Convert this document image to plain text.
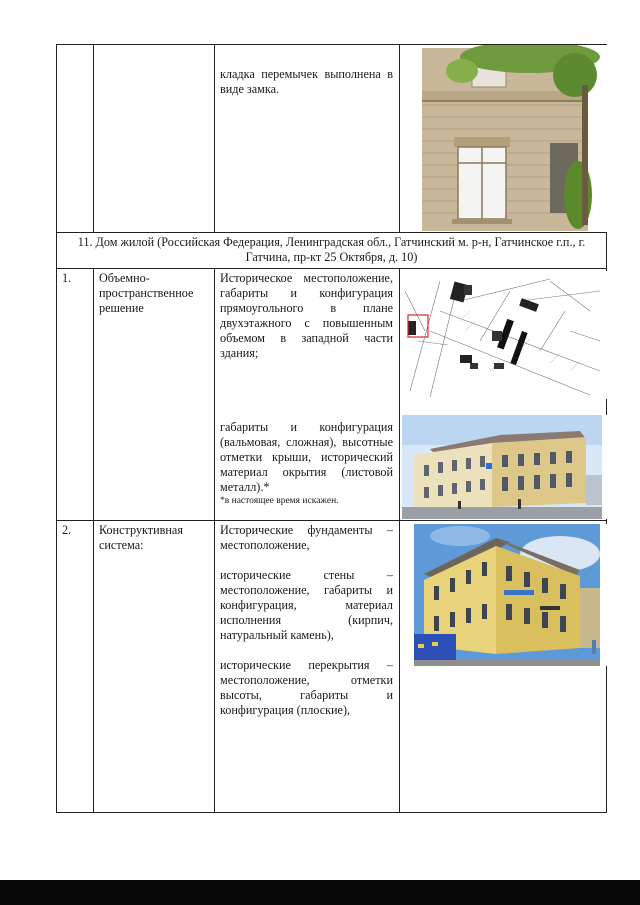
		кладка перемычек выполнена в виде замка.

11. Дом жилой (Российская Федерация, Ленинградская обл., Гатчинский м. р-н, Гатчинское г.п., г. Гатчина, пр-кт 25 Октября, д. 10)			
1.	Объемно-пространственное решение	Историческое местоположение, габариты и конфигурация прямоугольного в плане двухэтажного с повышенным объемом в западной части здания;
габариты и конфигурация (вальмовая, сложная), высотные отметки крыши, исторический материал окрытия (листовой металл).*
*в настоящее время искажен.

2.	Конструктивная система:	Исторические фундаменты – местоположение,
исторические стены – местоположение, габариты и конфигурация, материал исполнения (кирпич, натуральный камень),
исторические перекрытия – местоположение, отметки высоты, габариты и конфигурация (плоские),
